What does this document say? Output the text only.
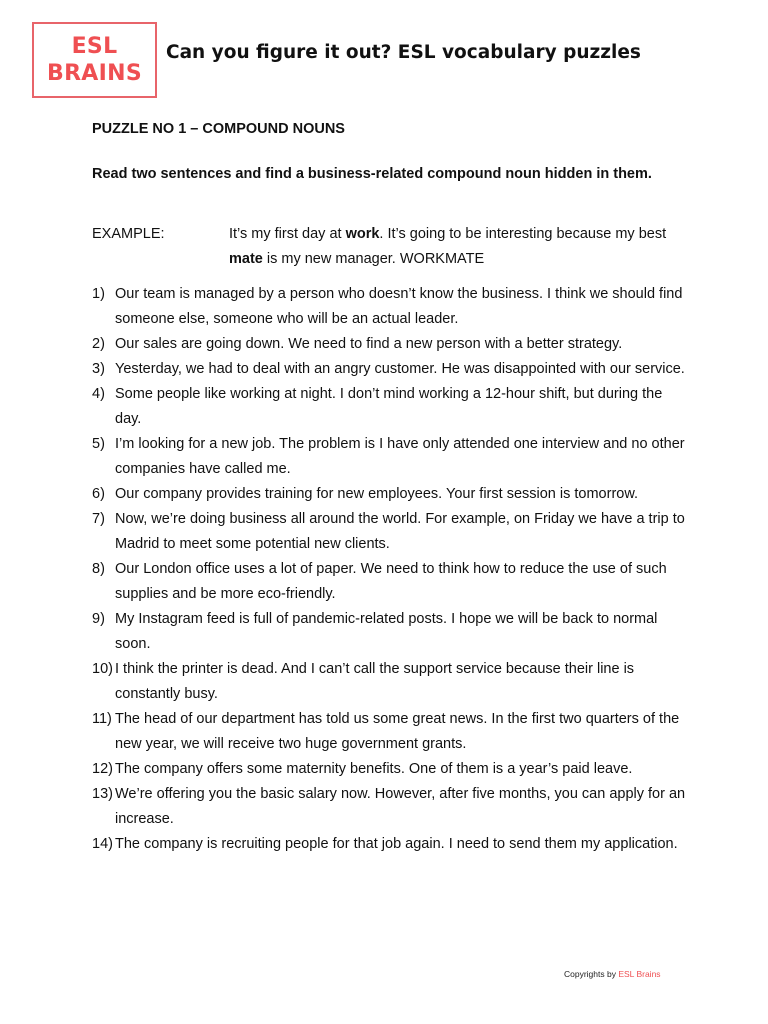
ESL
BRAINS
Can you figure it out? ESL vocabulary puzzles
PUZZLE NO 1 – COMPOUND NOUNS

Read two sentences and find a business-related compound noun hidden in them.

EXAMPLE:	It’s my first day at work. It’s going to be interesting because my best mate is my new manager. WORKMATE
1) Our team is managed by a person who doesn’t know the business. I think we should find someone else, someone who will be an actual leader.
2) Our sales are going down. We need to find a new person with a better strategy.
3) Yesterday, we had to deal with an angry customer. He was disappointed with our service.
4) Some people like working at night. I don’t mind working a 12-hour shift, but during the day.
5) I’m looking for a new job. The problem is I have only attended one interview and no other companies have called me.
6) Our company provides training for new employees. Your first session is tomorrow.
7) Now, we’re doing business all around the world. For example, on Friday we have a trip to Madrid to meet some potential new clients.
8) Our London office uses a lot of paper. We need to think how to reduce the use of such supplies and be more eco-friendly.
9) My Instagram feed is full of pandemic-related posts. I hope we will be back to normal soon.
10) I think the printer is dead. And I can’t call the support service because their line is constantly busy.
11) The head of our department has told us some great news. In the first two quarters of the new year, we will receive two huge government grants.
12) The company offers some maternity benefits. One of them is a year’s paid leave.
13) We’re offering you the basic salary now. However, after five months, you can apply for an increase.
14) The company is recruiting people for that job again. I need to send them my application.
Copyrights by ESL Brains
